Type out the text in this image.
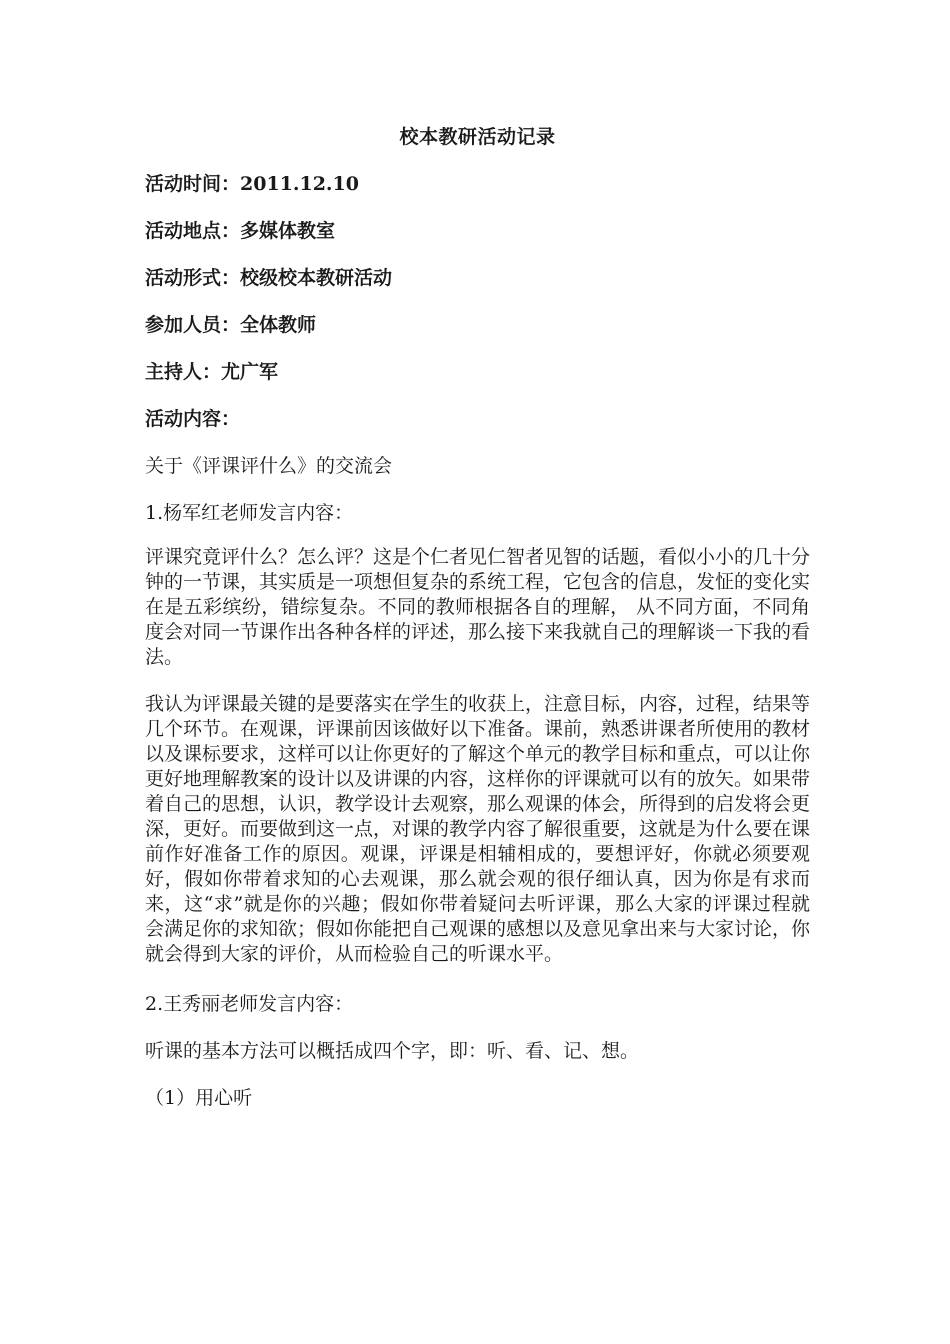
校本教研活动记录
活动时间：2011.12.10
活动地点：多媒体教室
活动形式：校级校本教研活动
参加人员：全体教师
主持人：尤广军
活动内容：
关于《评课评什么》的交流会
1.杨军红老师发言内容：
评课究竟评什么？怎么评？这是个仁者见仁智者见智的话题，看似小小的几十分钟的一节课，其实质是一项想但复杂的系统工程，它包含的信息，发怔的变化实在是五彩缤纷，错综复杂。不同的教师根据各自的理解， 从不同方面，不同角度会对同一节课作出各种各样的评述，那么接下来我就自己的理解谈一下我的看法。
我认为评课最关键的是要落实在学生的收获上，注意目标，内容，过程，结果等几个环节。在观课，评课前因该做好以下准备。课前，熟悉讲课者所使用的教材以及课标要求，这样可以让你更好的了解这个单元的教学目标和重点，可以让你更好地理解教案的设计以及讲课的内容，这样你的评课就可以有的放矢。如果带着自己的思想，认识，教学设计去观察，那么观课的体会，所得到的启发将会更深，更好。而要做到这一点，对课的教学内容了解很重要，这就是为什么要在课前作好准备工作的原因。观课，评课是相辅相成的，要想评好，你就必须要观好，假如你带着求知的心去观课，那么就会观的很仔细认真，因为你是有求而来，这“求”就是你的兴趣；假如你带着疑问去听评课，那么大家的评课过程就会满足你的求知欲；假如你能把自己观课的感想以及意见拿出来与大家讨论，你就会得到大家的评价，从而检验自己的听课水平。
2.王秀丽老师发言内容：
听课的基本方法可以概括成四个字，即：听、看、记、想。
（1）用心听
